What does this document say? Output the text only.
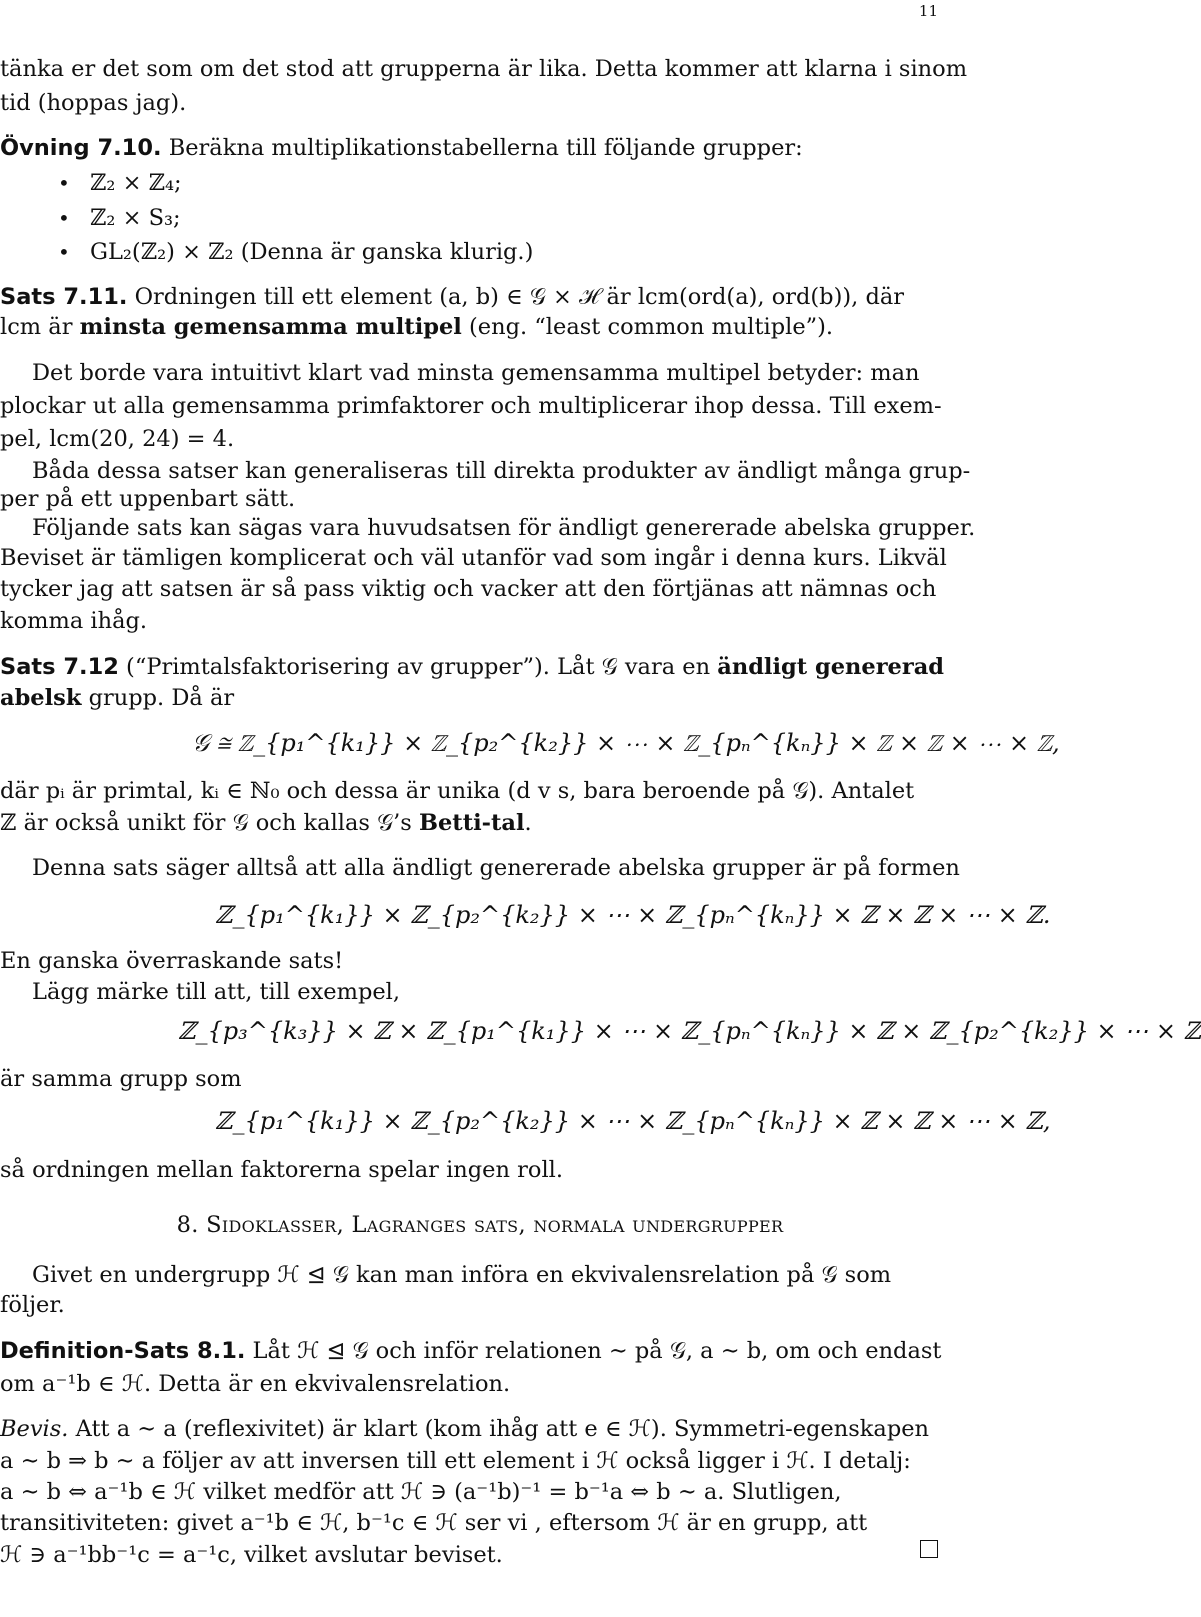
11
tänka er det som om det stod att grupperna är lika. Detta kommer att klarna i sinom
tid (hoppas jag).
Övning 7.10. Beräkna multiplikationstabellerna till följande grupper:
• ℤ₂ × ℤ₄;
• ℤ₂ × S₃;
• GL₂(ℤ₂) × ℤ₂ (Denna är ganska klurig.)
Sats 7.11. Ordningen till ett element (a, b) ∈ 𝒢 × ℋ är lcm(ord(a), ord(b)), där
lcm är minsta gemensamma multipel (eng. “least common multiple”).
Det borde vara intuitivt klart vad minsta gemensamma multipel betyder: man
plockar ut alla gemensamma primfaktorer och multiplicerar ihop dessa. Till exem-
pel, lcm(20, 24) = 4.
Båda dessa satser kan generaliseras till direkta produkter av ändligt många grup-
per på ett uppenbart sätt.
Följande sats kan sägas vara huvudsatsen för ändligt genererade abelska grupper.
Beviset är tämligen komplicerat och väl utanför vad som ingår i denna kurs. Likväl
tycker jag att satsen är så pass viktig och vacker att den förtjänas att nämnas och
komma ihåg.
Sats 7.12 (“Primtalsfaktorisering av grupper”). Låt 𝒢 vara en ändligt genererad
abelsk grupp. Då är
𝒢 ≅ ℤ_{p₁^{k₁}} × ℤ_{p₂^{k₂}} × ⋯ × ℤ_{pₙ^{kₙ}} × ℤ × ℤ × ⋯ × ℤ,
där pᵢ är primtal, kᵢ ∈ ℕ₀ och dessa är unika (d v s, bara beroende på 𝒢). Antalet
ℤ är också unikt för 𝒢 och kallas 𝒢’s Betti-tal.
Denna sats säger alltså att alla ändligt genererade abelska grupper är på formen
ℤ_{p₁^{k₁}} × ℤ_{p₂^{k₂}} × ⋯ × ℤ_{pₙ^{kₙ}} × ℤ × ℤ × ⋯ × ℤ.
En ganska överraskande sats!
Lägg märke till att, till exempel,
ℤ_{p₃^{k₃}} × ℤ × ℤ_{p₁^{k₁}} × ⋯ × ℤ_{pₙ^{kₙ}} × ℤ × ℤ_{p₂^{k₂}} × ⋯ × ℤ
är samma grupp som
ℤ_{p₁^{k₁}} × ℤ_{p₂^{k₂}} × ⋯ × ℤ_{pₙ^{kₙ}} × ℤ × ℤ × ⋯ × ℤ,
så ordningen mellan faktorerna spelar ingen roll.
8. Sidoklasser, Lagranges sats, normala undergrupper
Givet en undergrupp ℋ ⊴ 𝒢 kan man införa en ekvivalensrelation på 𝒢 som
följer.
Definition-Sats 8.1. Låt ℋ ⊴ 𝒢 och inför relationen ∼ på 𝒢, a ∼ b, om och endast
om a⁻¹b ∈ ℋ. Detta är en ekvivalensrelation.
Bevis. Att a ∼ a (reflexivitet) är klart (kom ihåg att e ∈ ℋ). Symmetri-egenskapen
a ∼ b ⇒ b ∼ a följer av att inversen till ett element i ℋ också ligger i ℋ. I detalj:
a ∼ b ⇔ a⁻¹b ∈ ℋ vilket medför att ℋ ∋ (a⁻¹b)⁻¹ = b⁻¹a ⇔ b ∼ a. Slutligen,
transitiviteten: givet a⁻¹b ∈ ℋ, b⁻¹c ∈ ℋ ser vi , eftersom ℋ är en grupp, att
ℋ ∋ a⁻¹bb⁻¹c = a⁻¹c, vilket avslutar beviset.
